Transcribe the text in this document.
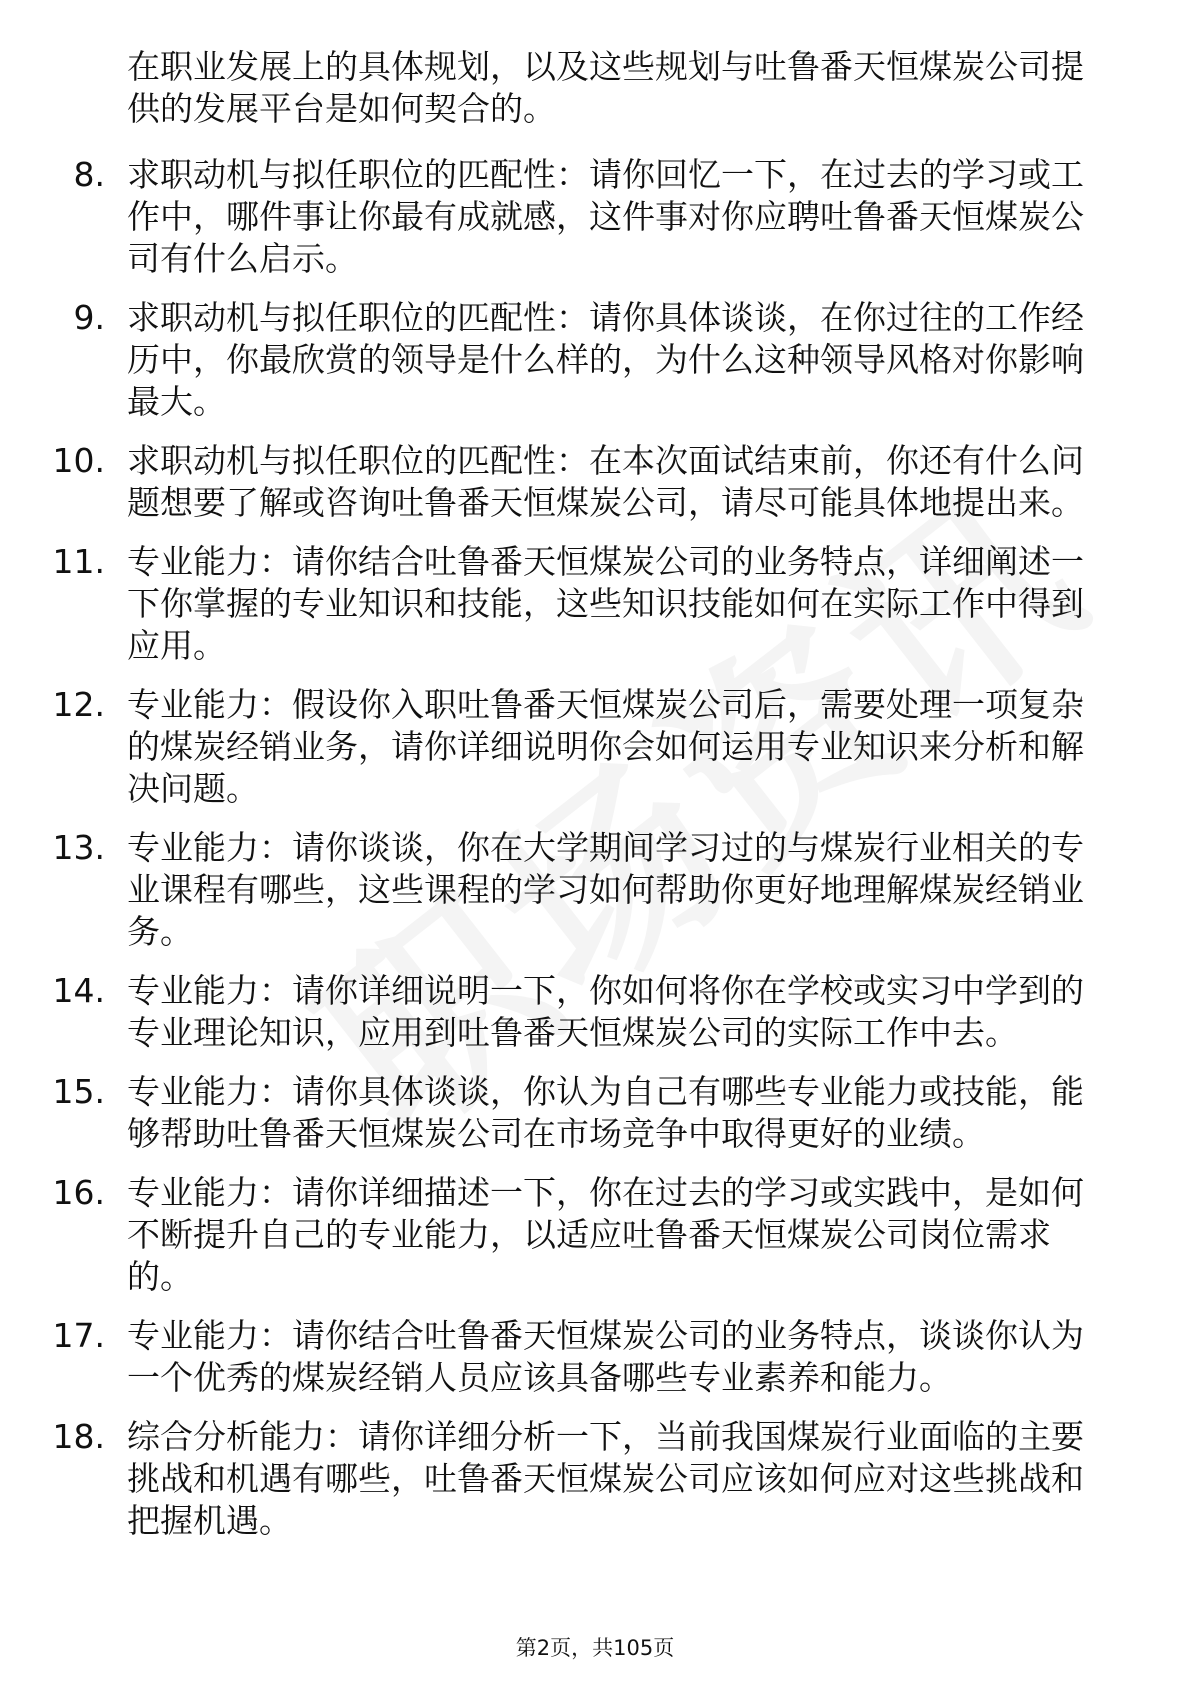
在职业发展上的具体规划，以及这些规划与吐鲁番天恒煤炭公司提供的发展平台是如何契合的。
8. 求职动机与拟任职位的匹配性：请你回忆一下，在过去的学习或工作中，哪件事让你最有成就感，这件事对你应聘吐鲁番天恒煤炭公司有什么启示。
9. 求职动机与拟任职位的匹配性：请你具体谈谈，在你过往的工作经历中，你最欣赏的领导是什么样的，为什么这种领导风格对你影响最大。
10. 求职动机与拟任职位的匹配性：在本次面试结束前，你还有什么问题想要了解或咨询吐鲁番天恒煤炭公司，请尽可能具体地提出来。
11. 专业能力：请你结合吐鲁番天恒煤炭公司的业务特点，详细阐述一下你掌握的专业知识和技能，这些知识技能如何在实际工作中得到应用。
12. 专业能力：假设你入职吐鲁番天恒煤炭公司后，需要处理一项复杂的煤炭经销业务，请你详细说明你会如何运用专业知识来分析和解决问题。
13. 专业能力：请你谈谈，你在大学期间学习过的与煤炭行业相关的专业课程有哪些，这些课程的学习如何帮助你更好地理解煤炭经销业务。
14. 专业能力：请你详细说明一下，你如何将你在学校或实习中学到的专业理论知识，应用到吐鲁番天恒煤炭公司的实际工作中去。
15. 专业能力：请你具体谈谈，你认为自己有哪些专业能力或技能，能够帮助吐鲁番天恒煤炭公司在市场竞争中取得更好的业绩。
16. 专业能力：请你详细描述一下，你在过去的学习或实践中，是如何不断提升自己的专业能力，以适应吐鲁番天恒煤炭公司岗位需求的。
17. 专业能力：请你结合吐鲁番天恒煤炭公司的业务特点，谈谈你认为一个优秀的煤炭经销人员应该具备哪些专业素养和能力。
18. 综合分析能力：请你详细分析一下，当前我国煤炭行业面临的主要挑战和机遇有哪些，吐鲁番天恒煤炭公司应该如何应对这些挑战和把握机遇。
第2页，共105页
